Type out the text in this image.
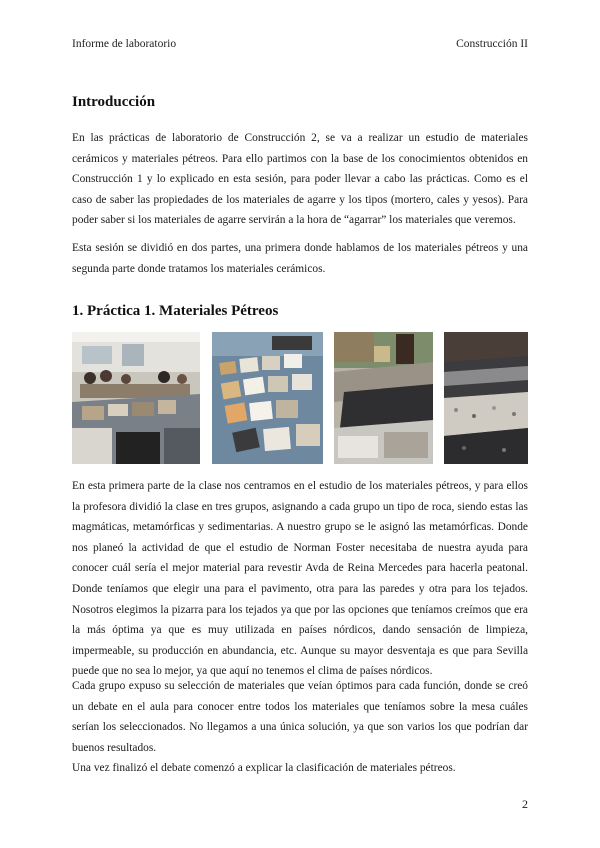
Informe de laboratorio	Construcción II
Introducción

En las prácticas de laboratorio de Construcción 2, se va a realizar un estudio de materiales cerámicos y materiales pétreos. Para ello partimos con la base de los conocimientos obtenidos en Construcción 1 y lo explicado en esta sesión, para poder llevar a cabo las prácticas. Como es el caso de saber las propiedades de los materiales de agarre y los tipos (mortero, cales y yesos). Para poder saber si los materiales de agarre servirán a la hora de “agarrar” los materiales que veremos.

Esta sesión se dividió en dos partes, una primera donde hablamos de los materiales pétreos y una segunda parte donde tratamos los materiales cerámicos.

1. Práctica 1. Materiales Pétreos

En esta primera parte de la clase nos centramos en el estudio de los materiales pétreos, y para ellos la profesora dividió la clase en tres grupos, asignando a cada grupo un tipo de roca, siendo estas las magmáticas, metamórficas y sedimentarias. A nuestro grupo se le asignó las metamórficas. Donde nos planeó la actividad de que el estudio de Norman Foster necesitaba de nuestra ayuda para conocer cuál sería el mejor material para revestir Avda de Reina Mercedes para hacerla peatonal. Donde teníamos que elegir una para el pavimento, otra para las paredes y otra para los tejados. Nosotros elegimos la pizarra para los tejados ya que por las opciones que teníamos creímos que era la más óptima ya que es muy utilizada en países nórdicos, dando sensación de limpieza, impermeable, su producción en abundancia, etc. Aunque su mayor desventaja es que para Sevilla puede que no sea lo mejor, ya que aquí no tenemos el clima de países nórdicos.

Cada grupo expuso su selección de materiales que veían óptimos para cada función, donde se creó un debate en el aula para conocer entre todos los materiales que teníamos sobre la mesa cuáles serían los seleccionados. No llegamos a una única solución, ya que son varios los que podrían dar buenos resultados.

Una vez finalizó el debate comenzó a explicar la clasificación de materiales pétreos.

2
